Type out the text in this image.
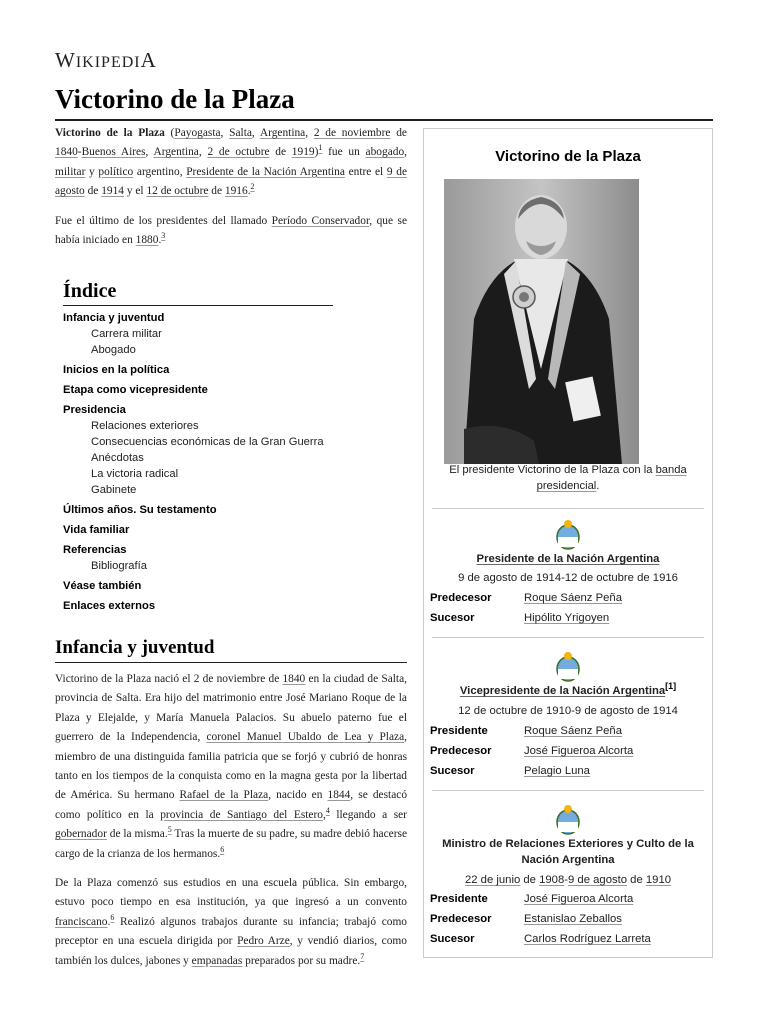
WIKIPEDIA
Victorino de la Plaza

Victorino de la Plaza (Payogasta, Salta, Argentina, 2 de noviembre de 1840-Buenos Aires, Argentina, 2 de octubre de 1919)$^1$ fue un abogado, militar y político argentino, Presidente de la Nación Argentina entre el 9 de agosto de 1914 y el 12 de octubre de 1916.$^2$

Fue el último de los presidentes del llamado Período Conservador, que se había iniciado en 1880.$^3$

Índice
Infancia y juventud
Carrera militar
Abogado
Inicios en la política
Etapa como vicepresidente
Presidencia
Relaciones exteriores
Consecuencias económicas de la Gran Guerra
Anécdotas
La victoria radical
Gabinete
Últimos años. Su testamento
Vida familiar
Referencias
Bibliografía
Véase también
Enlaces externos
Infancia y juventud

Victorino de la Plaza nació el 2 de noviembre de 1840 en la ciudad de Salta, provincia de Salta. Era hijo del matrimonio entre José Mariano Roque de la Plaza y Elejalde, y María Manuela Palacios. Su abuelo paterno fue el guerrero de la Independencia, coronel Manuel Ubaldo de Lea y Plaza, miembro de una distinguida familia patricia que se forjó y cubrió de honras tanto en los tiempos de la conquista como en la magna gesta por la libertad de América. Su hermano Rafael de la Plaza, nacido en 1844, se destacó como político en la provincia de Santiago del Estero,$^4$ llegando a ser gobernador de la misma.$^5$ Tras la muerte de su padre, su madre debió hacerse cargo de la crianza de los hermanos.$^6$

De la Plaza comenzó sus estudios en una escuela pública. Sin embargo, estuvo poco tiempo en esa institución, ya que ingresó a un convento franciscano.$^6$ Realizó algunos trabajos durante su infancia; trabajó como preceptor en una escuela dirigida por Pedro Arze, y vendió diarios, como también los dulces, jabones y empanadas preparados por su madre.$^7$

Victorino de la Plaza
El presidente Victorino de la Plaza con la banda presidencial.
Presidente de la Nación Argentina
9 de agosto de 1914-12 de octubre de 1916
Predecesor	Roque Sáenz Peña
Sucesor	Hipólito Yrigoyen
Vicepresidente de la Nación Argentina[1]
12 de octubre de 1910-9 de agosto de 1914
Presidente	Roque Sáenz Peña
Predecesor	José Figueroa Alcorta
Sucesor	Pelagio Luna
Ministro de Relaciones Exteriores y Culto de la Nación Argentina
22 de junio de 1908-9 de agosto de 1910
Presidente	José Figueroa Alcorta
Predecesor	Estanislao Zeballos
Sucesor	Carlos Rodríguez Larreta
